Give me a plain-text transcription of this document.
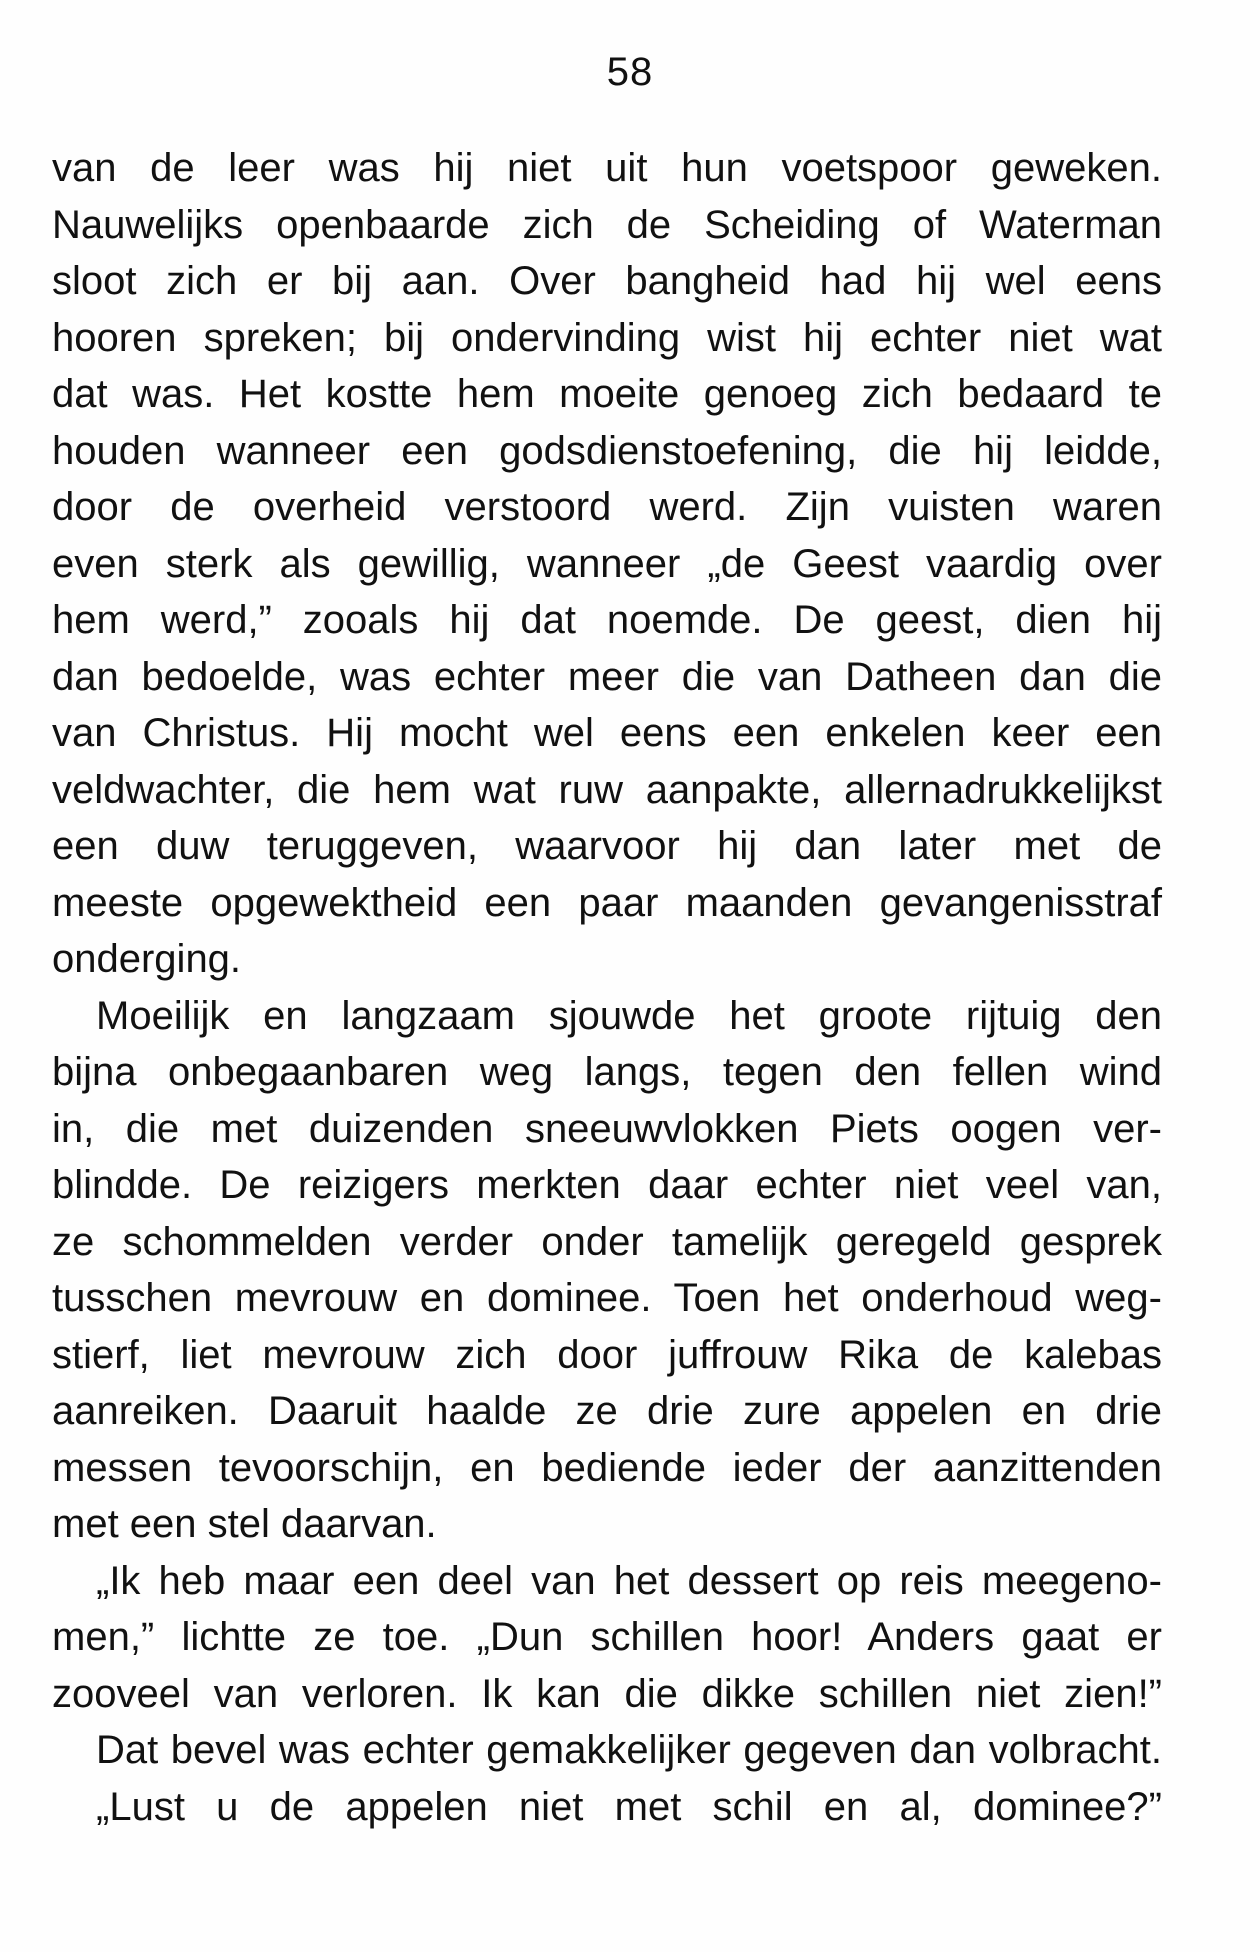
58
van de leer was hij niet uit hun voetspoor geweken.
Nauwelijks openbaarde zich de Scheiding of Waterman
sloot zich er bij aan. Over bangheid had hij wel eens
hooren spreken; bij ondervinding wist hij echter niet wat
dat was. Het kostte hem moeite genoeg zich bedaard te
houden wanneer een godsdienstoefening, die hij leidde,
door de overheid verstoord werd. Zijn vuisten waren
even sterk als gewillig, wanneer „de Geest vaardig over
hem werd,” zooals hij dat noemde. De geest, dien hij
dan bedoelde, was echter meer die van Datheen dan die
van Christus. Hij mocht wel eens een enkelen keer een
veldwachter, die hem wat ruw aanpakte, allernadrukkelijkst
een duw teruggeven, waarvoor hij dan later met de
meeste opgewektheid een paar maanden gevangenisstraf
onderging.
Moeilijk en langzaam sjouwde het groote rijtuig den
bijna onbegaanbaren weg langs, tegen den fellen wind
in, die met duizenden sneeuwvlokken Piets oogen ver-
blindde. De reizigers merkten daar echter niet veel van,
ze schommelden verder onder tamelijk geregeld gesprek
tusschen mevrouw en dominee. Toen het onderhoud weg-
stierf, liet mevrouw zich door juffrouw Rika de kalebas
aanreiken. Daaruit haalde ze drie zure appelen en drie
messen tevoorschijn, en bediende ieder der aanzittenden
met een stel daarvan.
„Ik heb maar een deel van het dessert op reis meegeno-
men,” lichtte ze toe. „Dun schillen hoor! Anders gaat er
zooveel van verloren. Ik kan die dikke schillen niet zien!”
Dat bevel was echter gemakkelijker gegeven dan volbracht.
„Lust u de appelen niet met schil en al, dominee?”
